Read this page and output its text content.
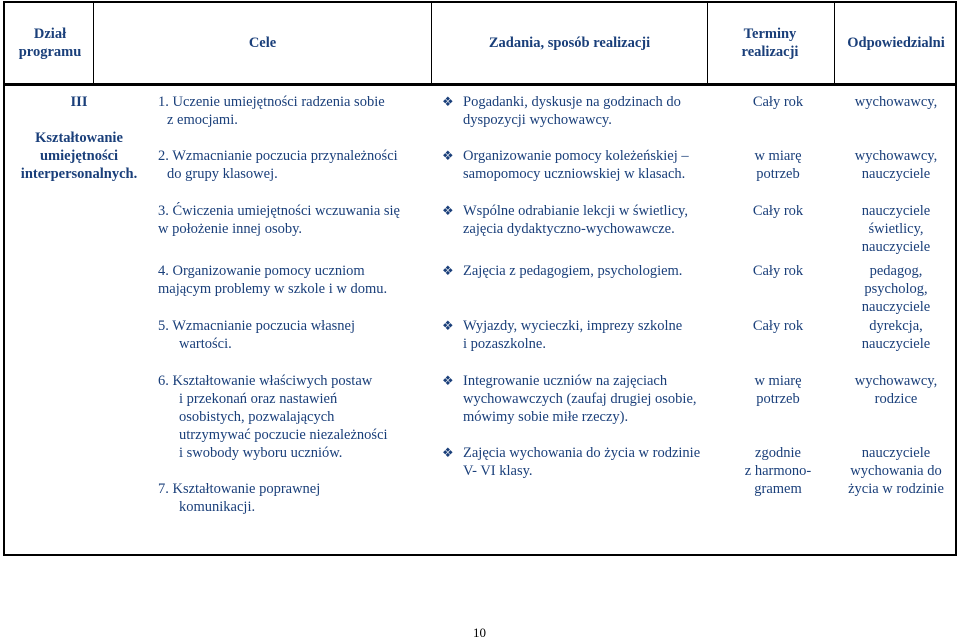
Dział programu
Cele	Zadania, sposób realizacji
Terminy realizacji
Odpowiedzialni
III
Kształtowanie
umiejętności
interpersonalnych.
1. Uczenie umiejętności radzenia sobie
z emocjami.
2. Wzmacnianie poczucia przynależności
do grupy klasowej.
3. Ćwiczenia umiejętności wczuwania się
w położenie innej osoby.
4. Organizowanie pomocy uczniom
mającym problemy w szkole i w domu.
5. Wzmacnianie poczucia własnej
wartości.
6. Kształtowanie właściwych postaw
i przekonań oraz nastawień
osobistych, pozwalających
utrzymywać poczucie niezależności
i swobody wyboru uczniów.
7. Kształtowanie poprawnej
komunikacji.
❖ Pogadanki, dyskusje na godzinach do
dyspozycji wychowawcy.
❖ Organizowanie pomocy koleżeńskiej –
samopomocy uczniowskiej w klasach.
❖ Wspólne odrabianie lekcji w świetlicy,
zajęcia dydaktyczno-wychowawcze.
❖ Zajęcia z pedagogiem, psychologiem.
❖ Wyjazdy, wycieczki, imprezy szkolne
i pozaszkolne.
❖ Integrowanie uczniów na zajęciach
wychowawczych (zaufaj drugiej osobie,
mówimy sobie miłe rzeczy).
❖ Zajęcia wychowania do życia w rodzinie
V- VI klasy.
Cały rok
w miarę
potrzeb
Cały rok
Cały rok
Cały rok
w miarę
potrzeb
zgodnie
z harmono-
gramem
wychowawcy,
wychowawcy,
nauczyciele
nauczyciele
świetlicy,
nauczyciele
pedagog,
psycholog,
nauczyciele
dyrekcja,
nauczyciele
wychowawcy,
rodzice
nauczyciele
wychowania do
życia w rodzinie
10
